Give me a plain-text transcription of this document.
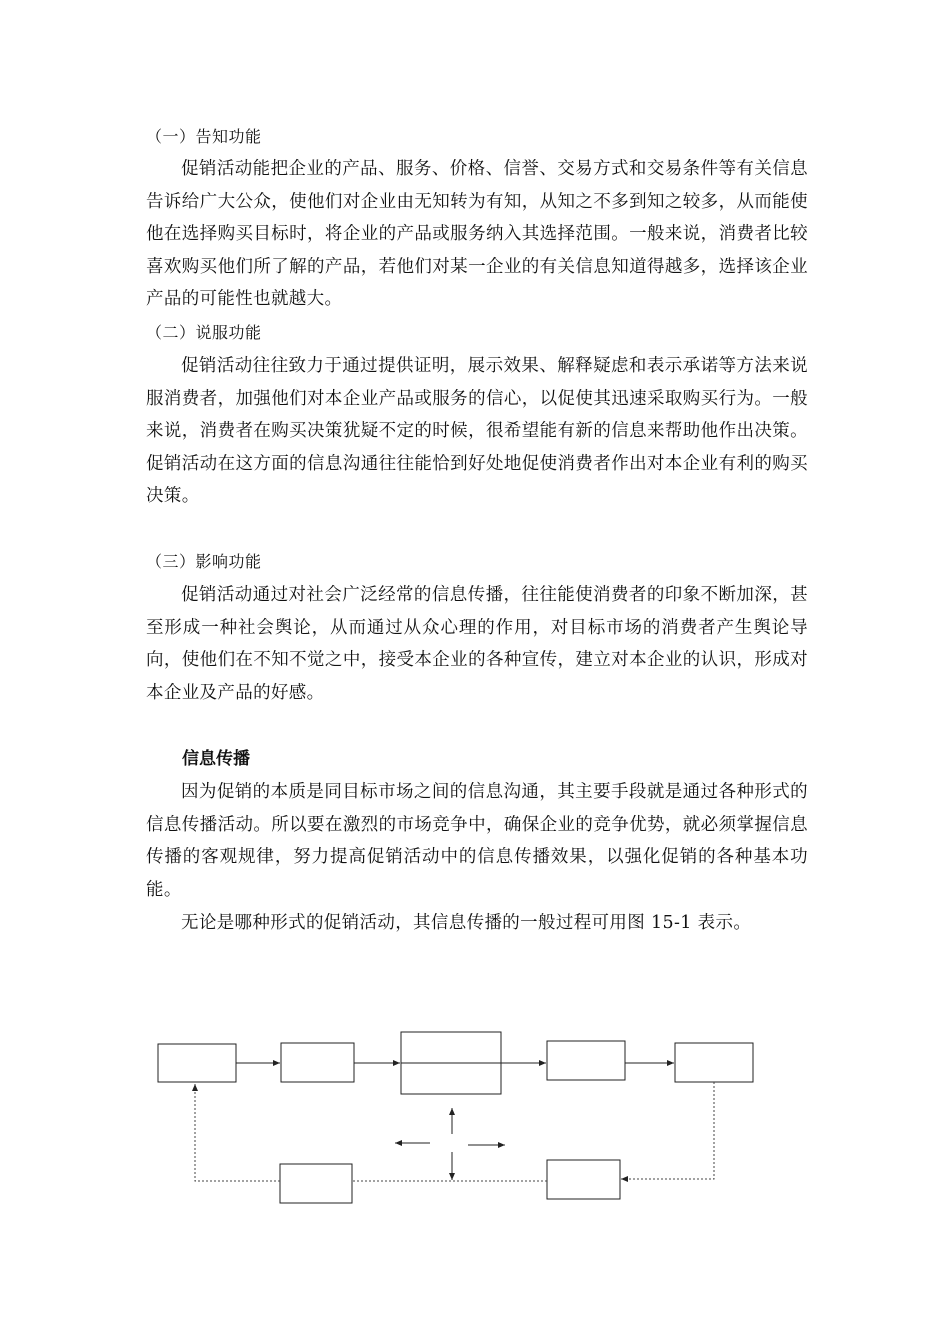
（一）告知功能

促销活动能把企业的产品、服务、价格、信誉、交易方式和交易条件等有关信息告诉给广大公众，使他们对企业由无知转为有知，从知之不多到知之较多，从而能使他在选择购买目标时，将企业的产品或服务纳入其选择范围。一般来说，消费者比较喜欢购买他们所了解的产品，若他们对某一企业的有关信息知道得越多，选择该企业产品的可能性也就越大。

（二）说服功能

促销活动往往致力于通过提供证明，展示效果、解释疑虑和表示承诺等方法来说服消费者，加强他们对本企业产品或服务的信心，以促使其迅速采取购买行为。一般来说，消费者在购买决策犹疑不定的时候，很希望能有新的信息来帮助他作出决策。促销活动在这方面的信息沟通往往能恰到好处地促使消费者作出对本企业有利的购买决策。

（三）影响功能

促销活动通过对社会广泛经常的信息传播，往往能使消费者的印象不断加深，甚至形成一种社会舆论，从而通过从众心理的作用，对目标市场的消费者产生舆论导向，使他们在不知不觉之中，接受本企业的各种宣传，建立对本企业的认识，形成对本企业及产品的好感。

信息传播

因为促销的本质是同目标市场之间的信息沟通，其主要手段就是通过各种形式的信息传播活动。所以要在激烈的市场竞争中，确保企业的竞争优势，就必须掌握信息传播的客观规律，努力提高促销活动中的信息传播效果，以强化促销的各种基本功能。

无论是哪种形式的促销活动，其信息传播的一般过程可用图 15-1 表示。
